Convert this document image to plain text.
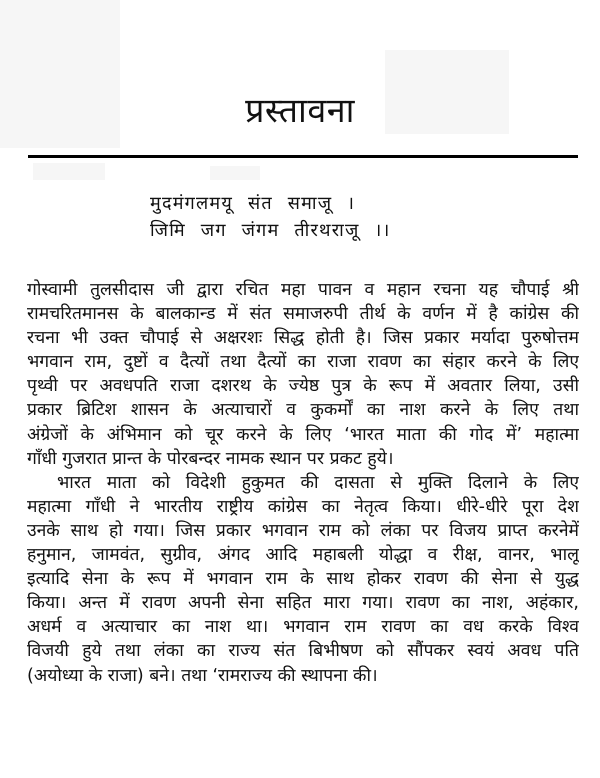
प्रस्तावना
मुदमंगलमयू संत समाजू ।
जिमि जग जंगम तीरथराजू ।।
गोस्वामी तुलसीदास जी द्वारा रचित महा पावन व महान रचना यह चौपाई श्री
रामचरितमानस के बालकान्ड में संत समाजरुपी तीर्थ के वर्णन में है कांग्रेस की
रचना भी उक्त चौपाई से अक्षरशः सिद्ध होती है। जिस प्रकार मर्यादा पुरुषोत्तम
भगवान राम, दुष्टों व दैत्यों तथा दैत्यों का राजा रावण का संहार करने के लिए
पृथ्वी पर अवधपति राजा दशरथ के ज्येष्ठ पुत्र के रूप में अवतार लिया, उसी
प्रकार ब्रिटिश शासन के अत्याचारों व कुकर्मों का नाश करने के लिए तथा
अंग्रेजों के अंभिमान को चूर करने के लिए ‘भारत माता की गोद में’ महात्मा
गाँधी गुजरात प्रान्त के पोरबन्दर नामक स्थान पर प्रकट हुये।
भारत माता को विदेशी हुकुमत की दासता से मुक्ति दिलाने के लिए
महात्मा गाँधी ने भारतीय राष्ट्रीय कांग्रेस का नेतृत्व किया। धीरे-धीरे पूरा देश
उनके साथ हो गया। जिस प्रकार भगवान राम को लंका पर विजय प्राप्त करनेमें
हनुमान, जामवंत, सुग्रीव, अंगद आदि महाबली योद्धा व रीक्ष, वानर, भालू
इत्यादि सेना के रूप में भगवान राम के साथ होकर रावण की सेना से युद्ध
किया। अन्त में रावण अपनी सेना सहित मारा गया। रावण का नाश, अहंकार,
अधर्म व अत्याचार का नाश था। भगवान राम रावण का वध करके विश्व
विजयी हुये तथा लंका का राज्य संत बिभीषण को सौंपकर स्वयं अवध पति
(अयोध्या के राजा) बने। तथा ‘रामराज्य की स्थापना की।
